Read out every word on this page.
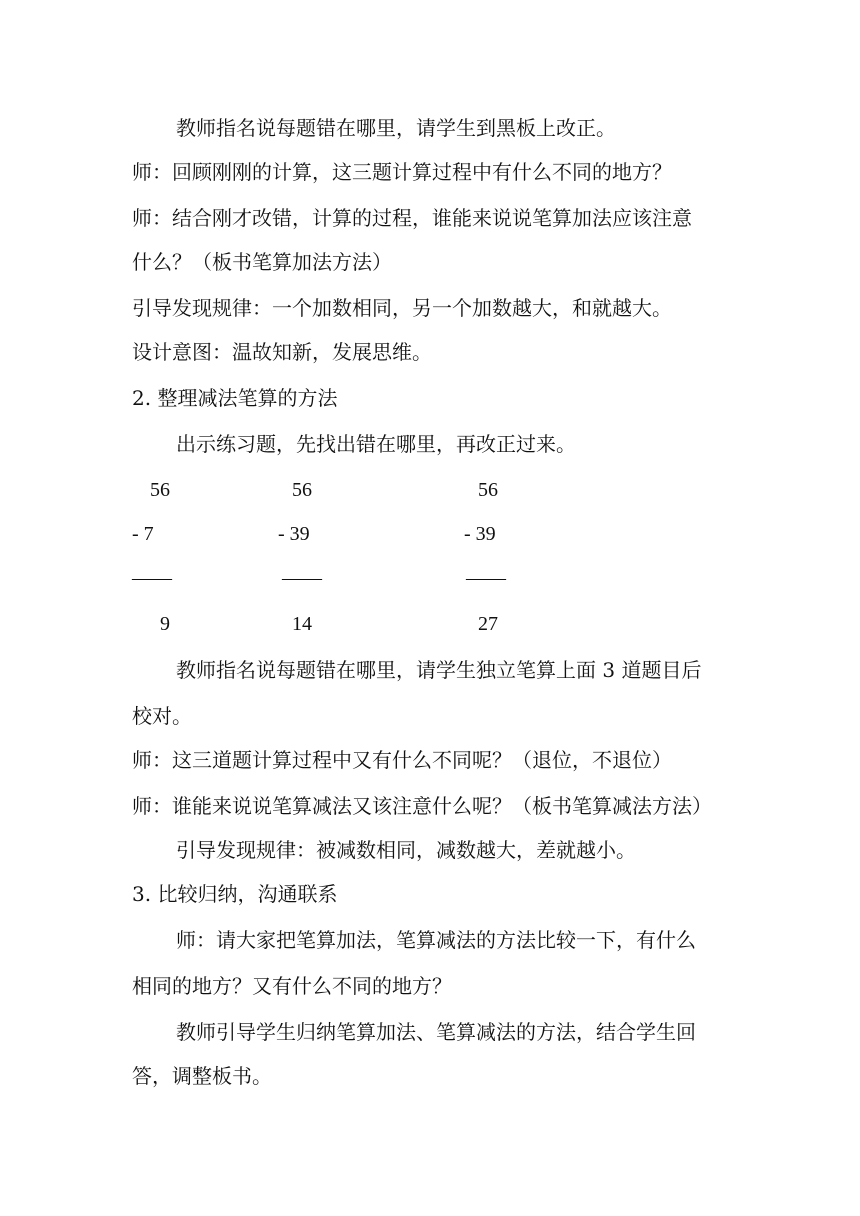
教师指名说每题错在哪里，请学生到黑板上改正。
师：回顾刚刚的计算，这三题计算过程中有什么不同的地方？
师：结合刚才改错，计算的过程，谁能来说说笔算加法应该注意
什么？（板书笔算加法方法）
引导发现规律：一个加数相同，另一个加数越大，和就越大。
设计意图：温故知新，发展思维。
2. 整理减法笔算的方法
出示练习题，先找出错在哪里，再改正过来。
56
- 7
——
9
56
- 39
——
14
56
- 39
——
27
教师指名说每题错在哪里，请学生独立笔算上面 3 道题目后
校对。
师：这三道题计算过程中又有什么不同呢？（退位，不退位）
师：谁能来说说笔算减法又该注意什么呢？（板书笔算减法方法）
引导发现规律：被减数相同，减数越大，差就越小。
3. 比较归纳，沟通联系
师：请大家把笔算加法，笔算减法的方法比较一下，有什么
相同的地方？又有什么不同的地方？
教师引导学生归纳笔算加法、笔算减法的方法，结合学生回
答，调整板书。
